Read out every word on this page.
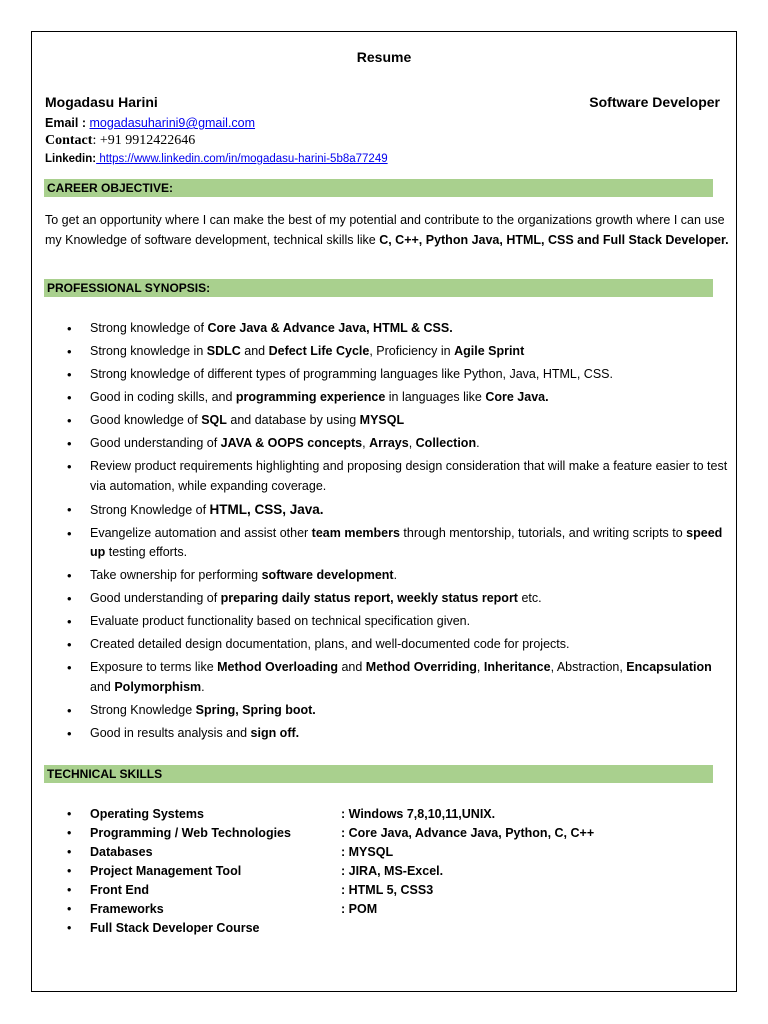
Resume
Mogadasu Harini	Software Developer
Email : mogadasuharini9@gmail.com
Contact: +91 9912422646
Linkedin: https://www.linkedin.com/in/mogadasu-harini-5b8a77249
CAREER OBJECTIVE:
To get an opportunity where I can make the best of my potential and contribute to the organizations growth where I can use my Knowledge of software development, technical skills like C, C++, Python Java, HTML, CSS and Full Stack Developer.
PROFESSIONAL SYNOPSIS:
• Strong knowledge of Core Java & Advance Java, HTML & CSS.
• Strong knowledge in SDLC and Defect Life Cycle, Proficiency in Agile Sprint
• Strong knowledge of different types of programming languages like Python, Java, HTML, CSS.
• Good in coding skills, and programming experience in languages like Core Java.
• Good knowledge of SQL and database by using MYSQL
• Good understanding of JAVA & OOPS concepts, Arrays, Collection.
• Review product requirements highlighting and proposing design consideration that will make a feature easier to test via automation, while expanding coverage.
• Strong Knowledge of HTML, CSS, Java.
• Evangelize automation and assist other team members through mentorship, tutorials, and writing scripts to speed up testing efforts.
• Take ownership for performing software development.
• Good understanding of preparing daily status report, weekly status report etc.
• Evaluate product functionality based on technical specification given.
• Created detailed design documentation, plans, and well-documented code for projects.
• Exposure to terms like Method Overloading and Method Overriding, Inheritance, Abstraction, Encapsulation and Polymorphism.
• Strong Knowledge Spring, Spring boot.
• Good in results analysis and sign off.
TECHNICAL SKILLS
• Operating Systems	: Windows 7,8,10,11,UNIX.
• Programming / Web Technologies	: Core Java, Advance Java, Python, C, C++
• Databases	: MYSQL
• Project Management Tool	: JIRA, MS-Excel.
• Front End	: HTML 5, CSS3
• Frameworks	: POM
• Full Stack Developer Course
